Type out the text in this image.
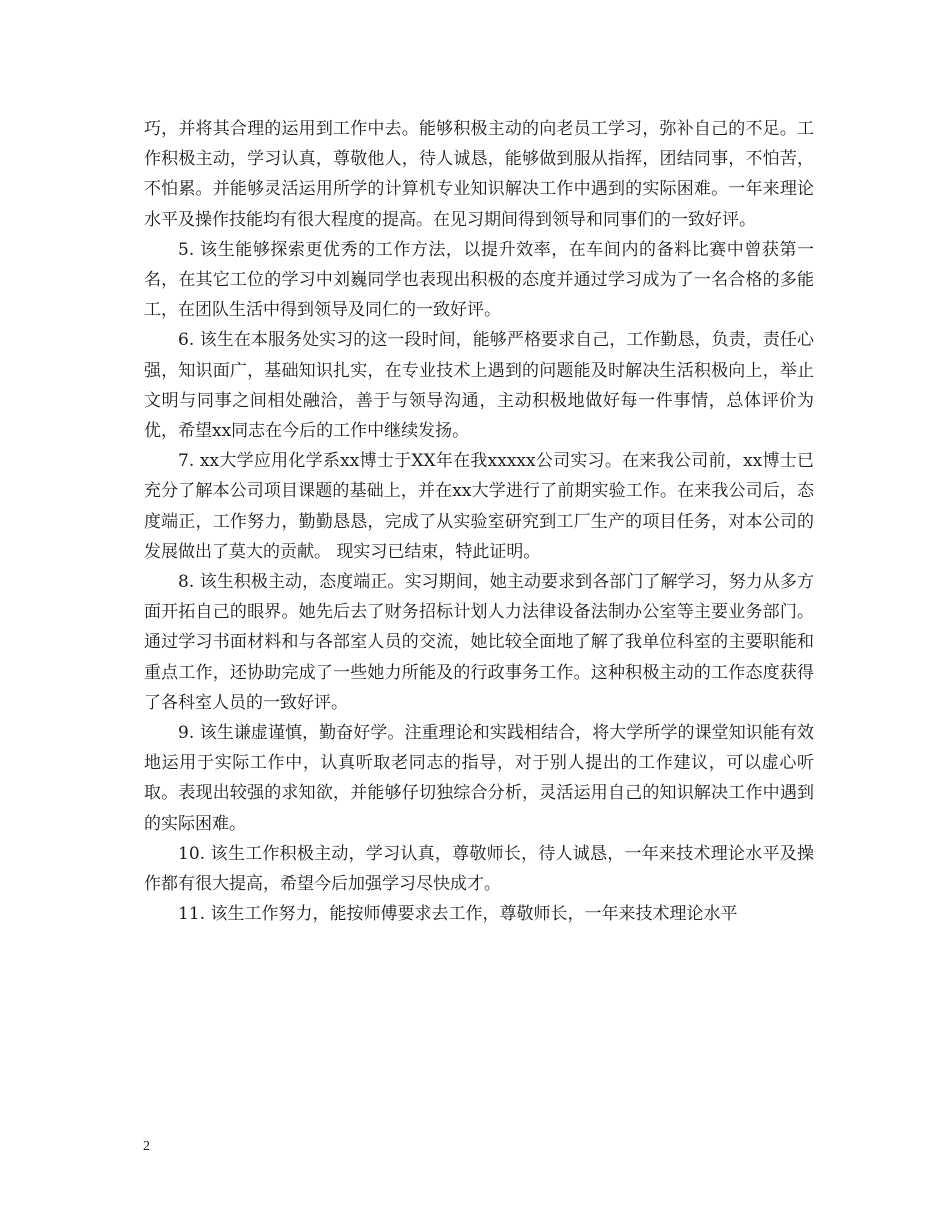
巧，并将其合理的运用到工作中去。能够积极主动的向老员工学习，弥补自己的不足。工作积极主动，学习认真，尊敬他人，待人诚恳，能够做到服从指挥，团结同事，不怕苦，不怕累。并能够灵活运用所学的计算机专业知识解决工作中遇到的实际困难。一年来理论水平及操作技能均有很大程度的提高。在见习期间得到领导和同事们的一致好评。

5. 该生能够探索更优秀的工作方法，以提升效率，在车间内的备料比赛中曾获第一名，在其它工位的学习中刘巍同学也表现出积极的态度并通过学习成为了一名合格的多能工，在团队生活中得到领导及同仁的一致好评。

6. 该生在本服务处实习的这一段时间，能够严格要求自己，工作勤恳，负责，责任心强，知识面广，基础知识扎实，在专业技术上遇到的问题能及时解决生活积极向上，举止文明与同事之间相处融洽，善于与领导沟通，主动积极地做好每一件事情，总体评价为优，希望xx同志在今后的工作中继续发扬。

7. xx大学应用化学系xx博士于XX年在我xxxxx公司实习。在来我公司前，xx博士已充分了解本公司项目课题的基础上，并在xx大学进行了前期实验工作。在来我公司后，态度端正，工作努力，勤勤恳恳，完成了从实验室研究到工厂生产的项目任务，对本公司的发展做出了莫大的贡献。 现实习已结束，特此证明。

8. 该生积极主动，态度端正。实习期间，她主动要求到各部门了解学习，努力从多方面开拓自己的眼界。她先后去了财务招标计划人力法律设备法制办公室等主要业务部门。通过学习书面材料和与各部室人员的交流，她比较全面地了解了我单位科室的主要职能和重点工作，还协助完成了一些她力所能及的行政事务工作。这种积极主动的工作态度获得了各科室人员的一致好评。

9. 该生谦虚谨慎，勤奋好学。注重理论和实践相结合，将大学所学的课堂知识能有效地运用于实际工作中，认真听取老同志的指导，对于别人提出的工作建议，可以虚心听取。表现出较强的求知欲，并能够仔切独综合分析，灵活运用自己的知识解决工作中遇到的实际困难。

10. 该生工作积极主动，学习认真，尊敬师长，待人诚恳，一年来技术理论水平及操作都有很大提高，希望今后加强学习尽快成才。

11. 该生工作努力，能按师傅要求去工作，尊敬师长，一年来技术理论水平

2
